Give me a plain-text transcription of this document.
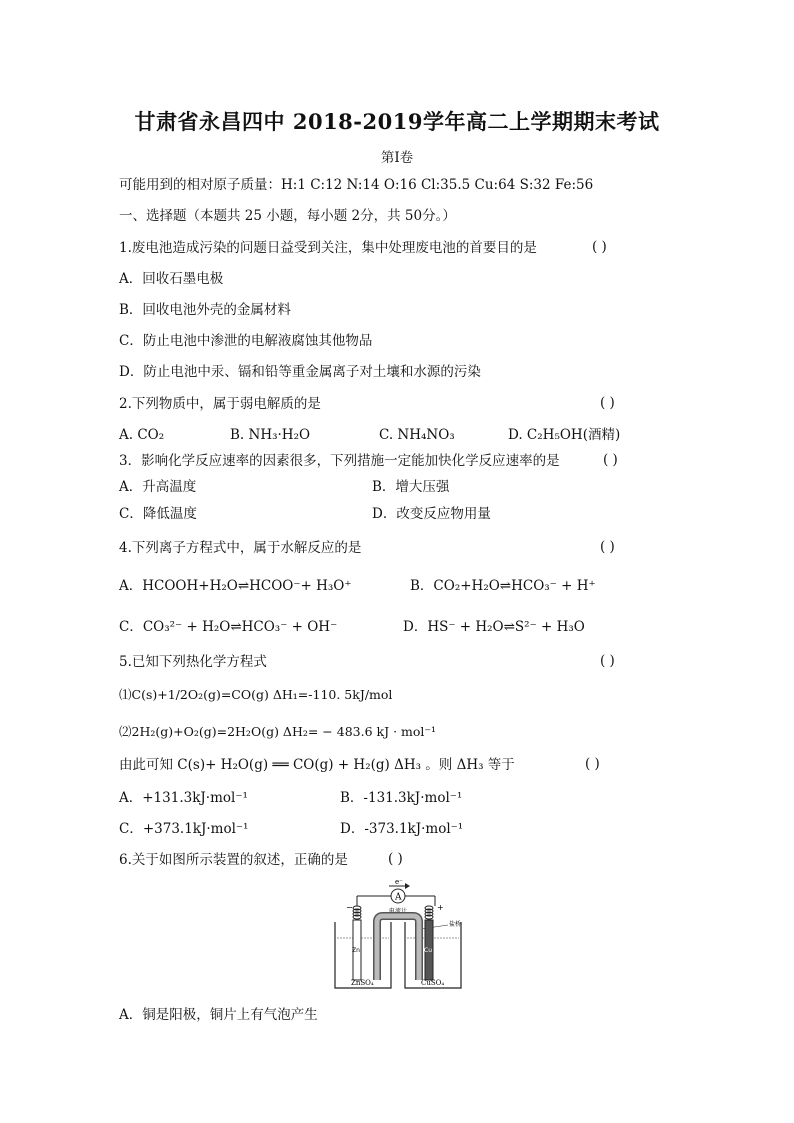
甘肃省永昌四中 2018-2019学年高二上学期期末考试
第Ⅰ卷
可能用到的相对原子质量：H:1 C:12 N:14 O:16 Cl:35.5 Cu:64 S:32 Fe:56
一、选择题（本题共 25 小题，每小题 2分，共 50分。）
1.废电池造成污染的问题日益受到关注，集中处理废电池的首要目的是	( )
A．回收石墨电极
B．回收电池外壳的金属材料
C．防止电池中渗泄的电解液腐蚀其他物品
D．防止电池中汞、镉和铅等重金属离子对土壤和水源的污染
2.下列物质中，属于弱电解质的是	( )
A. CO₂	B. NH₃·H₂O	C. NH₄NO₃	D. C₂H₅OH(酒精)
3．影响化学反应速率的因素很多，下列措施一定能加快化学反应速率的是	( )
A．升高温度	B．增大压强
C．降低温度	D．改变反应物用量
4.下列离子方程式中，属于水解反应的是	( )
A．HCOOH+H₂O⇌HCOO⁻+ H₃O⁺	B．CO₂+H₂O⇌HCO₃⁻ + H⁺
C．CO₃²⁻ + H₂O⇌HCO₃⁻ + OH⁻	D．HS⁻ + H₂O⇌S²⁻ + H₃O
5.已知下列热化学方程式	( )
⑴C(s)+1/2O₂(g)=CO(g) ΔH₁=-110. 5kJ/mol
⑵2H₂(g)+O₂(g)=2H₂O(g) ΔH₂= − 483.6 kJ · mol⁻¹
由此可知 C(s)+ H₂O(g) ══ CO(g) + H₂(g) ΔH₃ 。则 ΔH₃ 等于	( )
A．+131.3kJ·mol⁻¹	B．-131.3kJ·mol⁻¹
C．+373.1kJ·mol⁻¹	D．-373.1kJ·mol⁻¹
6.关于如图所示装置的叙述，正确的是	( )
e⁻
A
电流计
−	+
盐桥
Zn	Cu
ZnSO₄	CuSO₄
A．铜是阳极，铜片上有气泡产生
